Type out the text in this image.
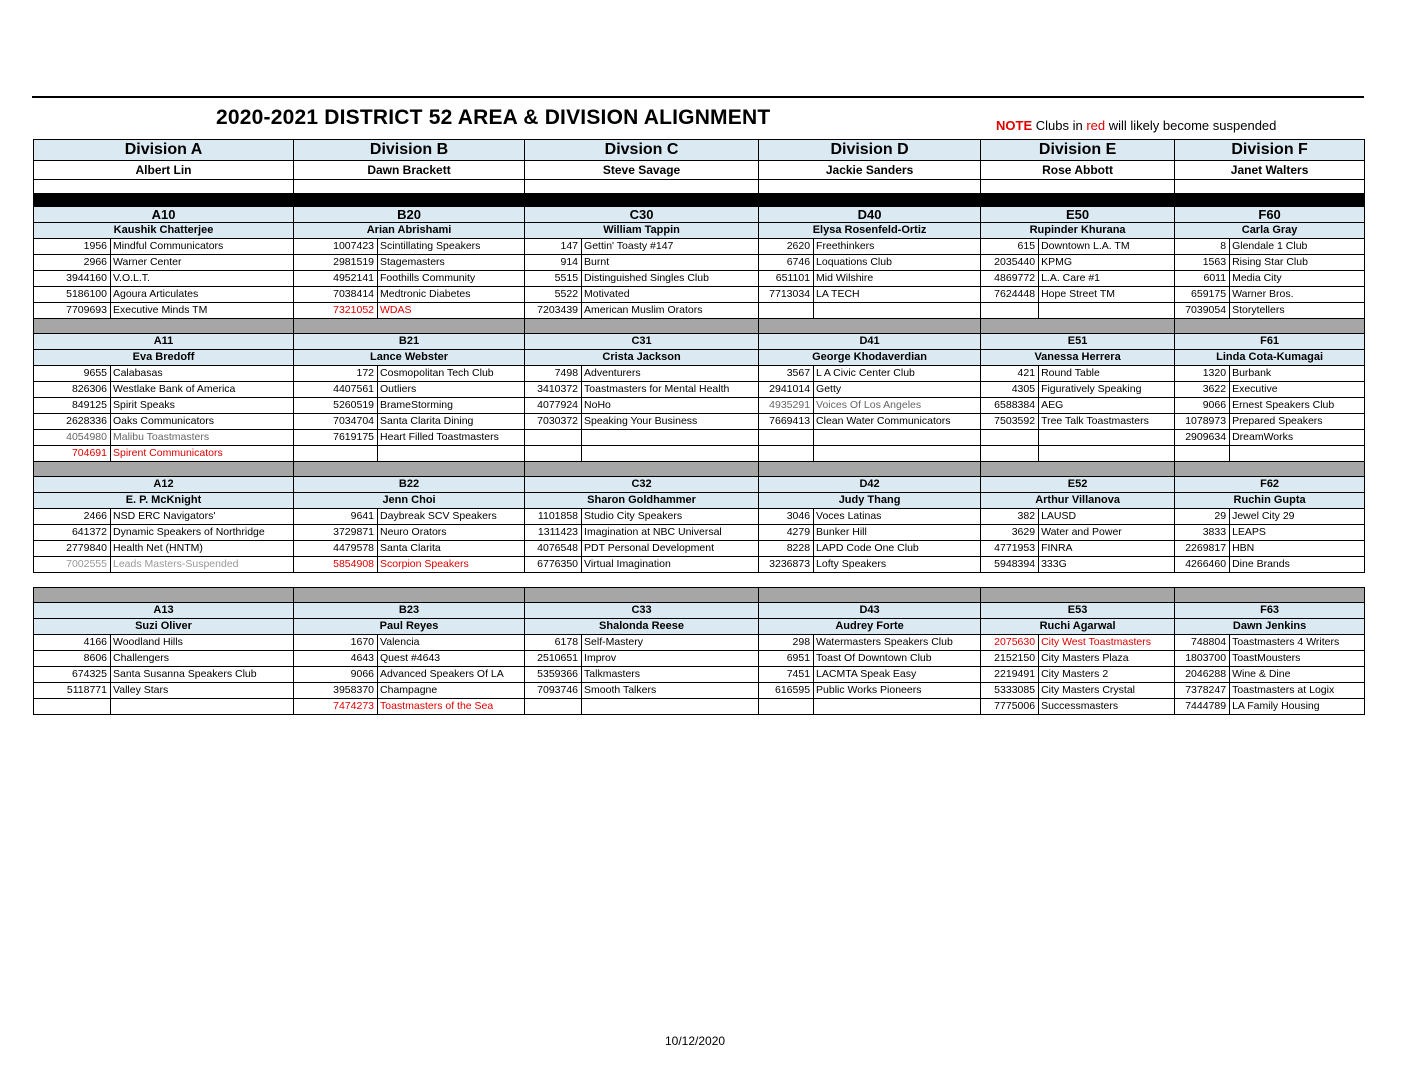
2020-2021 DISTRICT 52 AREA & DIVISION ALIGNMENT	NOTE Clubs in red will likely become suspended
Division A		Division B		Divsion C		Division D		Division E		Division F	
Albert Lin		Dawn Brackett		Steve Savage		Jackie Sanders		Rose Abbott		Janet Walters	

A10		B20		C30		D40		E50		F60	
Kaushik Chatterjee		Arian Abrishami		William Tappin		Elysa Rosenfeld-Ortiz		Rupinder Khurana		Carla Gray	
1956	Mindful Communicators	1007423	Scintillating Speakers	147	Gettin' Toasty #147	2620	Freethinkers	615	Downtown L.A. TM	8	Glendale 1 Club
2966	Warner Center	2981519	Stagemasters	914	Burnt	6746	Loquations Club	2035440	KPMG	1563	Rising Star Club
3944160	V.O.L.T.	4952141	Foothills Community	5515	Distinguished Singles Club	651101	Mid Wilshire	4869772	L.A. Care #1	6011	Media City
5186100	Agoura Articulates	7038414	Medtronic Diabetes	5522	Motivated	7713034	LA TECH	7624448	Hope Street TM	659175	Warner Bros.
7709693	Executive Minds TM	7321052	WDAS	7203439	American Muslim Orators					7039054	Storytellers

A11		B21		C31		D41		E51		F61	
Eva Bredoff		Lance Webster		Crista Jackson		George Khodaverdian		Vanessa Herrera		Linda Cota-Kumagai	
9655	Calabasas	172	Cosmopolitan Tech Club	7498	Adventurers	3567	L A Civic Center Club	421	Round Table	1320	Burbank
826306	Westlake Bank of America	4407561	Outliers	3410372	Toastmasters for Mental Health	2941014	Getty	4305	Figuratively Speaking	3622	Executive
849125	Spirit Speaks	5260519	BrameStorming	4077924	NoHo	4935291	Voices Of Los Angeles	6588384	AEG	9066	Ernest Speakers Club
2628336	Oaks Communicators	7034704	Santa Clarita Dining	7030372	Speaking Your Business	7669413	Clean Water Communicators	7503592	Tree Talk Toastmasters	1078973	Prepared Speakers
4054980	Malibu Toastmasters	7619175	Heart Filled Toastmasters							2909634	DreamWorks
704691	Spirent Communicators										

A12		B22		C32		D42		E52		F62	
E. P. McKnight		Jenn Choi		Sharon Goldhammer		Judy Thang		Arthur Villanova		Ruchin Gupta	
2466	NSD ERC Navigators'	9641	Daybreak SCV Speakers	1101858	Studio City Speakers	3046	Voces Latinas	382	LAUSD	29	Jewel City 29
641372	Dynamic Speakers of Northridge	3729871	Neuro Orators	1311423	Imagination at NBC Universal	4279	Bunker Hill	3629	Water and Power	3833	LEAPS
2779840	Health Net (HNTM)	4479578	Santa Clarita	4076548	PDT Personal Development	8228	LAPD Code One Club	4771953	FINRA	2269817	HBN
7002555	Leads Masters-Suspended	5854908	Scorpion Speakers	6776350	Virtual Imagination	3236873	Lofty Speakers	5948394	333G	4266460	Dine Brands

A13		B23		C33		D43		E53		F63	
Suzi Oliver		Paul Reyes		Shalonda Reese		Audrey Forte		Ruchi Agarwal		Dawn Jenkins	
4166	Woodland Hills	1670	Valencia	6178	Self-Mastery	298	Watermasters Speakers Club	2075630	City West Toastmasters	748804	Toastmasters 4 Writers
8606	Challengers	4643	Quest #4643	2510651	Improv	6951	Toast Of Downtown Club	2152150	City Masters Plaza	1803700	ToastMousters
674325	Santa Susanna Speakers Club	9066	Advanced Speakers Of LA	5359366	Talkmasters	7451	LACMTA Speak Easy	2219491	City Masters 2	2046288	Wine & Dine
5118771	Valley Stars	3958370	Champagne	7093746	Smooth Talkers	616595	Public Works Pioneers	5333085	City Masters Crystal	7378247	Toastmasters at Logix
		7474273	Toastmasters of the Sea					7775006	Successmasters	7444789	LA Family Housing
10/12/2020
